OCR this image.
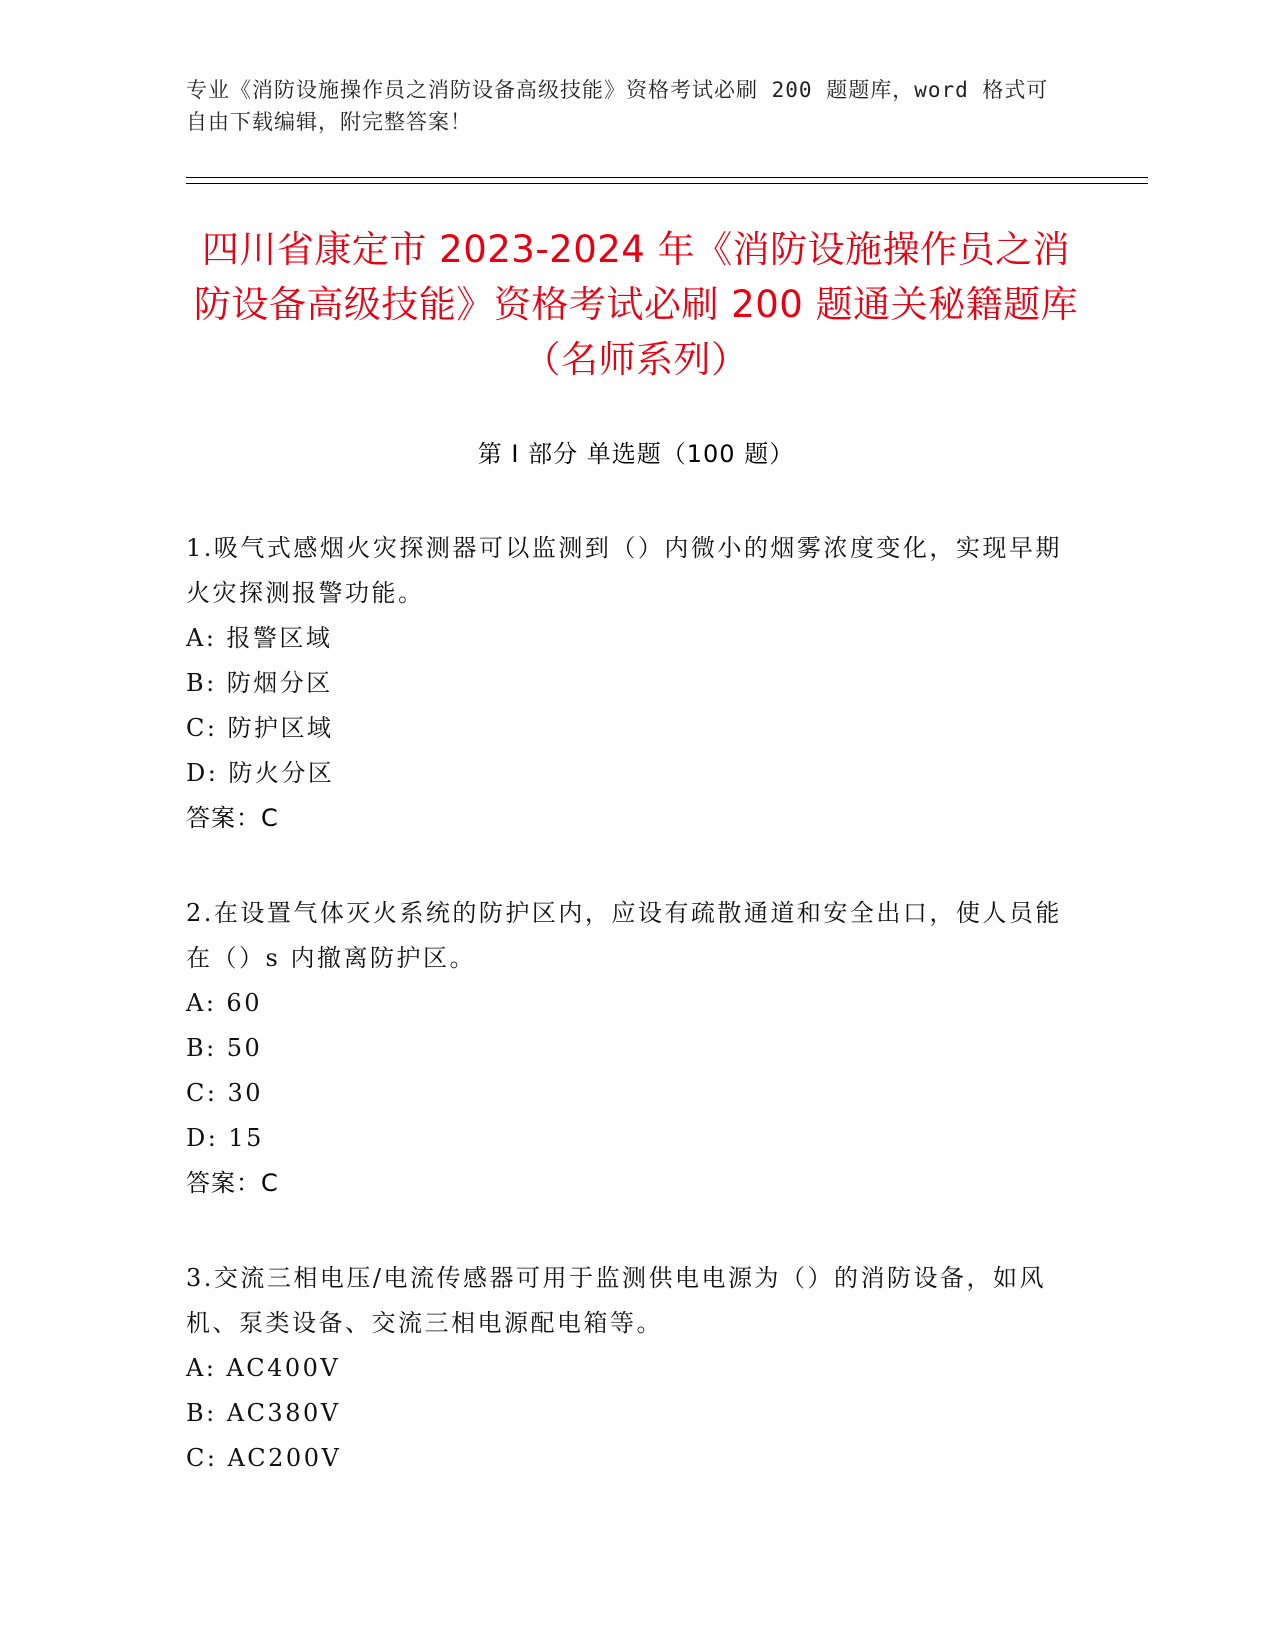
专业《消防设施操作员之消防设备高级技能》资格考试必刷 200 题题库，word 格式可自由下载编辑，附完整答案！
四川省康定市 2023-2024 年《消防设施操作员之消防设备高级技能》资格考试必刷 200 题通关秘籍题库（名师系列）
第 I 部分 单选题（100 题）
1.吸气式感烟火灾探测器可以监测到（）内微小的烟雾浓度变化，实现早期火灾探测报警功能。
A: 报警区域
B: 防烟分区
C: 防护区域
D: 防火分区
答案：C
2.在设置气体灭火系统的防护区内，应设有疏散通道和安全出口，使人员能在（）s 内撤离防护区。
A: 60
B: 50
C: 30
D: 15
答案：C
3.交流三相电压/电流传感器可用于监测供电电源为（）的消防设备，如风机、泵类设备、交流三相电源配电箱等。
A: AC400V
B: AC380V
C: AC200V
